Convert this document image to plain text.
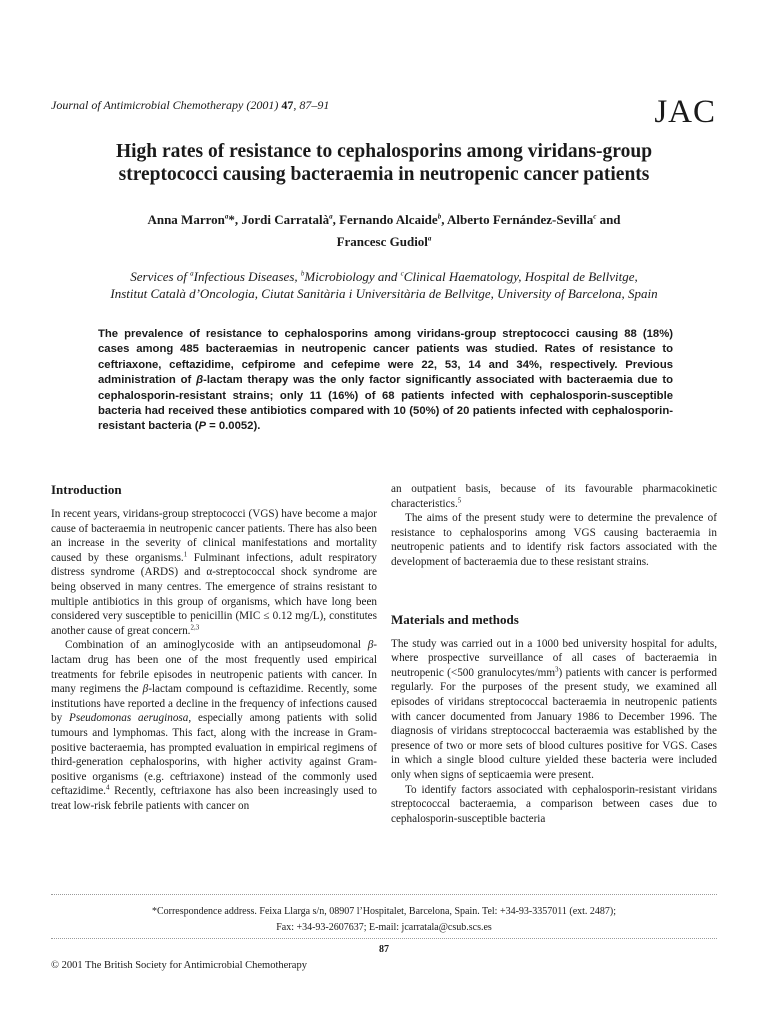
Journal of Antimicrobial Chemotherapy (2001) 47, 87–91	JAC
High rates of resistance to cephalosporins among viridans-group
streptococci causing bacteraemia in neutropenic cancer patients
Anna Marron$^a$*, Jordi Carratalà$^a$, Fernando Alcaide$^b$, Alberto Fernández-Sevilla$^c$ and
Francesc Gudiol$^a$
Services of $^a$Infectious Diseases, $^b$Microbiology and $^c$Clinical Haematology, Hospital de Bellvitge,
Institut Català d’Oncologia, Ciutat Sanitària i Universitària de Bellvitge, University of Barcelona, Spain
The prevalence of resistance to cephalosporins among viridans-group streptococci causing 88 (18%) cases among 485 bacteraemias in neutropenic cancer patients was studied. Rates of resistance to ceftriaxone, ceftazidime, cefpirome and cefepime were 22, 53, 14 and 34%, respectively. Previous administration of β-lactam therapy was the only factor significantly associated with bacteraemia due to cephalosporin-resistant strains; only 11 (16%) of 68 patients infected with cephalosporin-susceptible bacteria had received these antibiotics compared with 10 (50%) of 20 patients infected with cephalosporin-resistant bacteria (P = 0.0052).
Introduction

In recent years, viridans-group streptococci (VGS) have become a major cause of bacteraemia in neutropenic cancer patients. There has also been an increase in the severity of clinical manifestations and mortality caused by these organisms.$^1$ Fulminant infections, adult respiratory distress syndrome (ARDS) and α-streptococcal shock syndrome are being observed in many centres. The emergence of strains resistant to multiple antibiotics in this group of organisms, which have long been considered very susceptible to penicillin (MIC ≤ 0.12 mg/L), constitutes another cause of great concern.$^{2,3}$

Combination of an aminoglycoside with an antipseudomonal β-lactam drug has been one of the most frequently used empirical treatments for febrile episodes in neutropenic patients with cancer. In many regimens the β-lactam compound is ceftazidime. Recently, some institutions have reported a decline in the frequency of infections caused by Pseudomonas aeruginosa, especially among patients with solid tumours and lymphomas. This fact, along with the increase in Gram-positive bacteraemia, has prompted evaluation in empirical regimens of third-generation cephalosporins, with higher activity against Gram-positive organisms (e.g. ceftriaxone) instead of the commonly used ceftazidime.$^4$ Recently, ceftriaxone has also been increasingly used to treat low-risk febrile patients with cancer on

an outpatient basis, because of its favourable pharmacokinetic characteristics.$^5$

The aims of the present study were to determine the prevalence of resistance to cephalosporins among VGS causing bacteraemia in neutropenic patients and to identify risk factors associated with the development of bacteraemia due to these resistant strains.

Materials and methods

The study was carried out in a 1000 bed university hospital for adults, where prospective surveillance of all cases of bacteraemia in neutropenic (<500 granulocytes/$mm^3$) patients with cancer is performed regularly. For the purposes of the present study, we examined all episodes of viridans streptococcal bacteraemia in neutropenic patients with cancer documented from January 1986 to December 1996. The diagnosis of viridans streptococcal bacteraemia was established by the presence of two or more sets of blood cultures positive for VGS. Cases in which a single blood culture yielded these bacteria were included only when signs of septicaemia were present.

To identify factors associated with cephalosporin-resistant viridans streptococcal bacteraemia, a comparison between cases due to cephalosporin-susceptible bacteria

*Correspondence address. Feixa Llarga s/n, 08907 l’Hospitalet, Barcelona, Spain. Tel: +34-93-3357011 (ext. 2487);
Fax: +34-93-2607637; E-mail: jcarratala@csub.scs.es
87
© 2001 The British Society for Antimicrobial Chemotherapy
